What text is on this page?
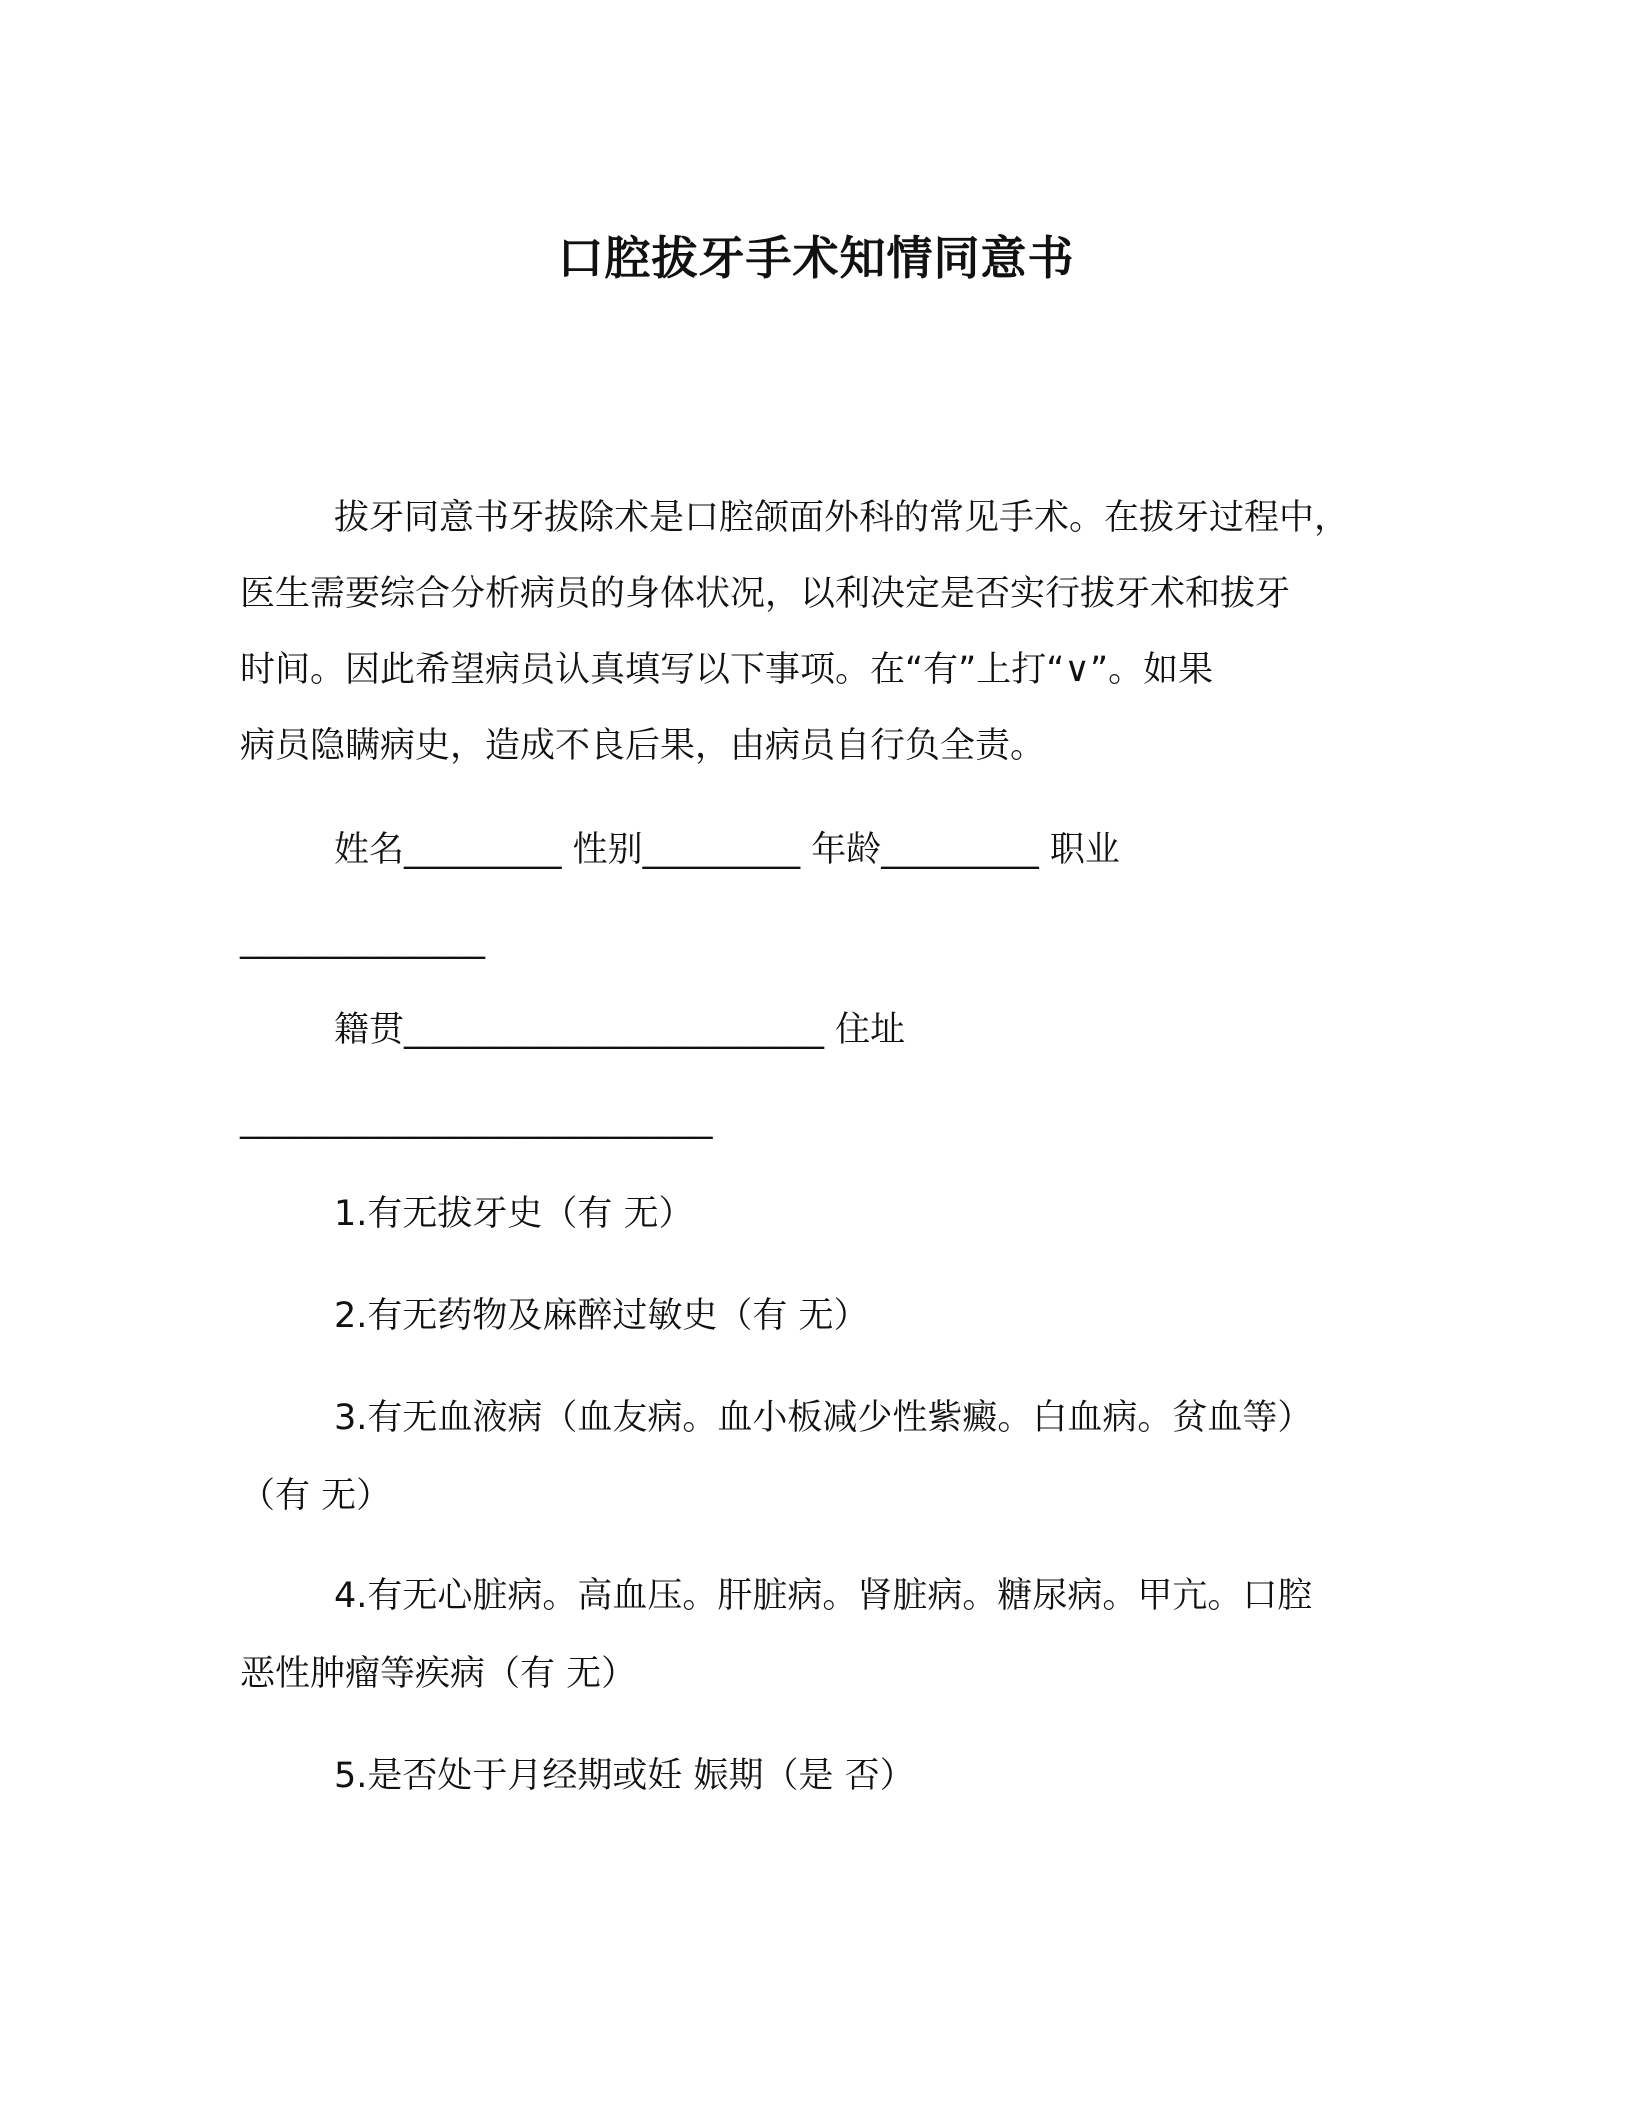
口腔拔牙手术知情同意书

拔牙同意书牙拔除术是口腔颌面外科的常见手术。在拔牙过程中，

医生需要综合分析病员的身体状况，以利决定是否实行拔牙术和拔牙

时间。因此希望病员认真填写以下事项。在“有”上打“∨”。如果

病员隐瞒病史，造成不良后果，由病员自行负全责。

姓名_________ 性别_________ 年龄_________ 职业

______________

籍贯________________________ 住址

___________________________

1.有无拔牙史（有 无）

2.有无药物及麻醉过敏史（有 无）

3.有无血液病（血友病。血小板减少性紫癜。白血病。贫血等）

（有 无）

4.有无心脏病。高血压。肝脏病。肾脏病。糖尿病。甲亢。口腔

恶性肿瘤等疾病（有 无）

5.是否处于月经期或妊 娠期（是 否）
